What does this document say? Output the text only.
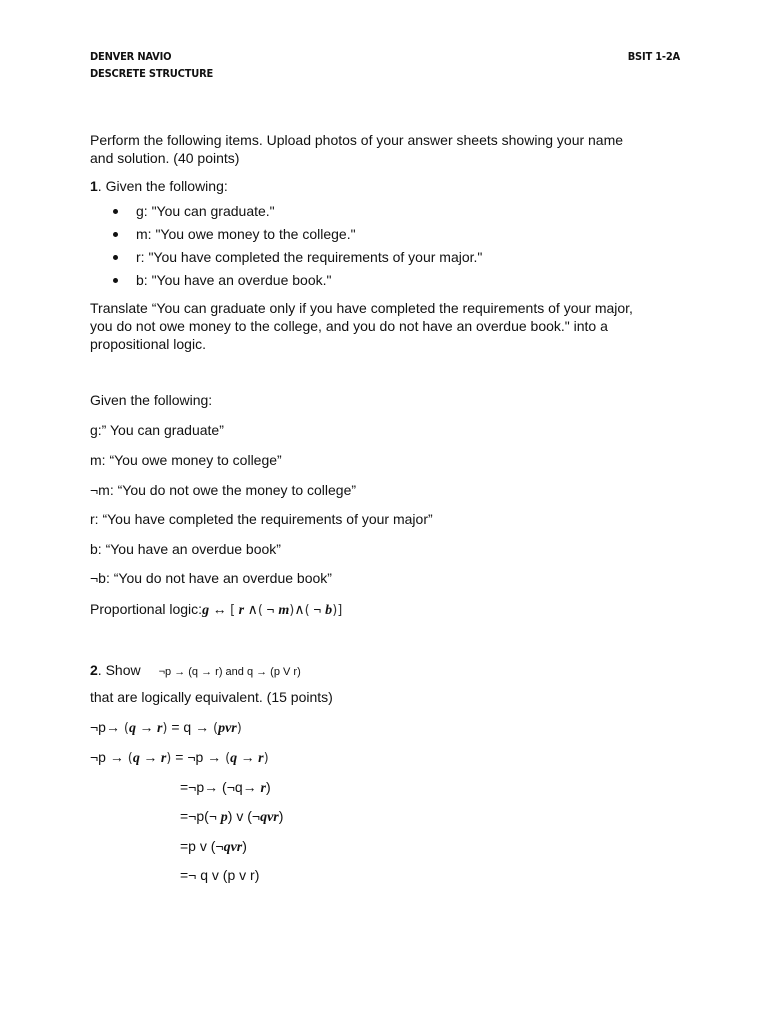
DENVER NAVIO
DESCRETE STRUCTURE
BSIT 1-2A
Perform the following items. Upload photos of your answer sheets showing your name
and solution. (40 points)
1. Given the following:
g: "You can graduate."
m: "You owe money to the college."
r: "You have completed the requirements of your major."
b: "You have an overdue book."
Translate “You can graduate only if you have completed the requirements of your major,
you do not owe money to the college, and you do not have an overdue book." into a
propositional logic.
Given the following:
g:” You can graduate”
m: “You owe money to college”
¬m: “You do not owe the money to college”
r: “You have completed the requirements of your major”
b: “You have an overdue book”
¬b: “You do not have an overdue book”
Proportional logic:g ↔ [ r ∧( ¬ m)∧( ¬ b)]
2. Show ¬p → (q → r) and q → (p V r)
that are logically equivalent. (15 points)
¬p→ (q → r) = q → (pvr)
¬p → (q → r) = ¬p → (q → r)
=¬p→ (¬q→ r)
=¬p(¬ p) v (¬qvr)
=p v (¬qvr)
=¬ q v (p v r)
